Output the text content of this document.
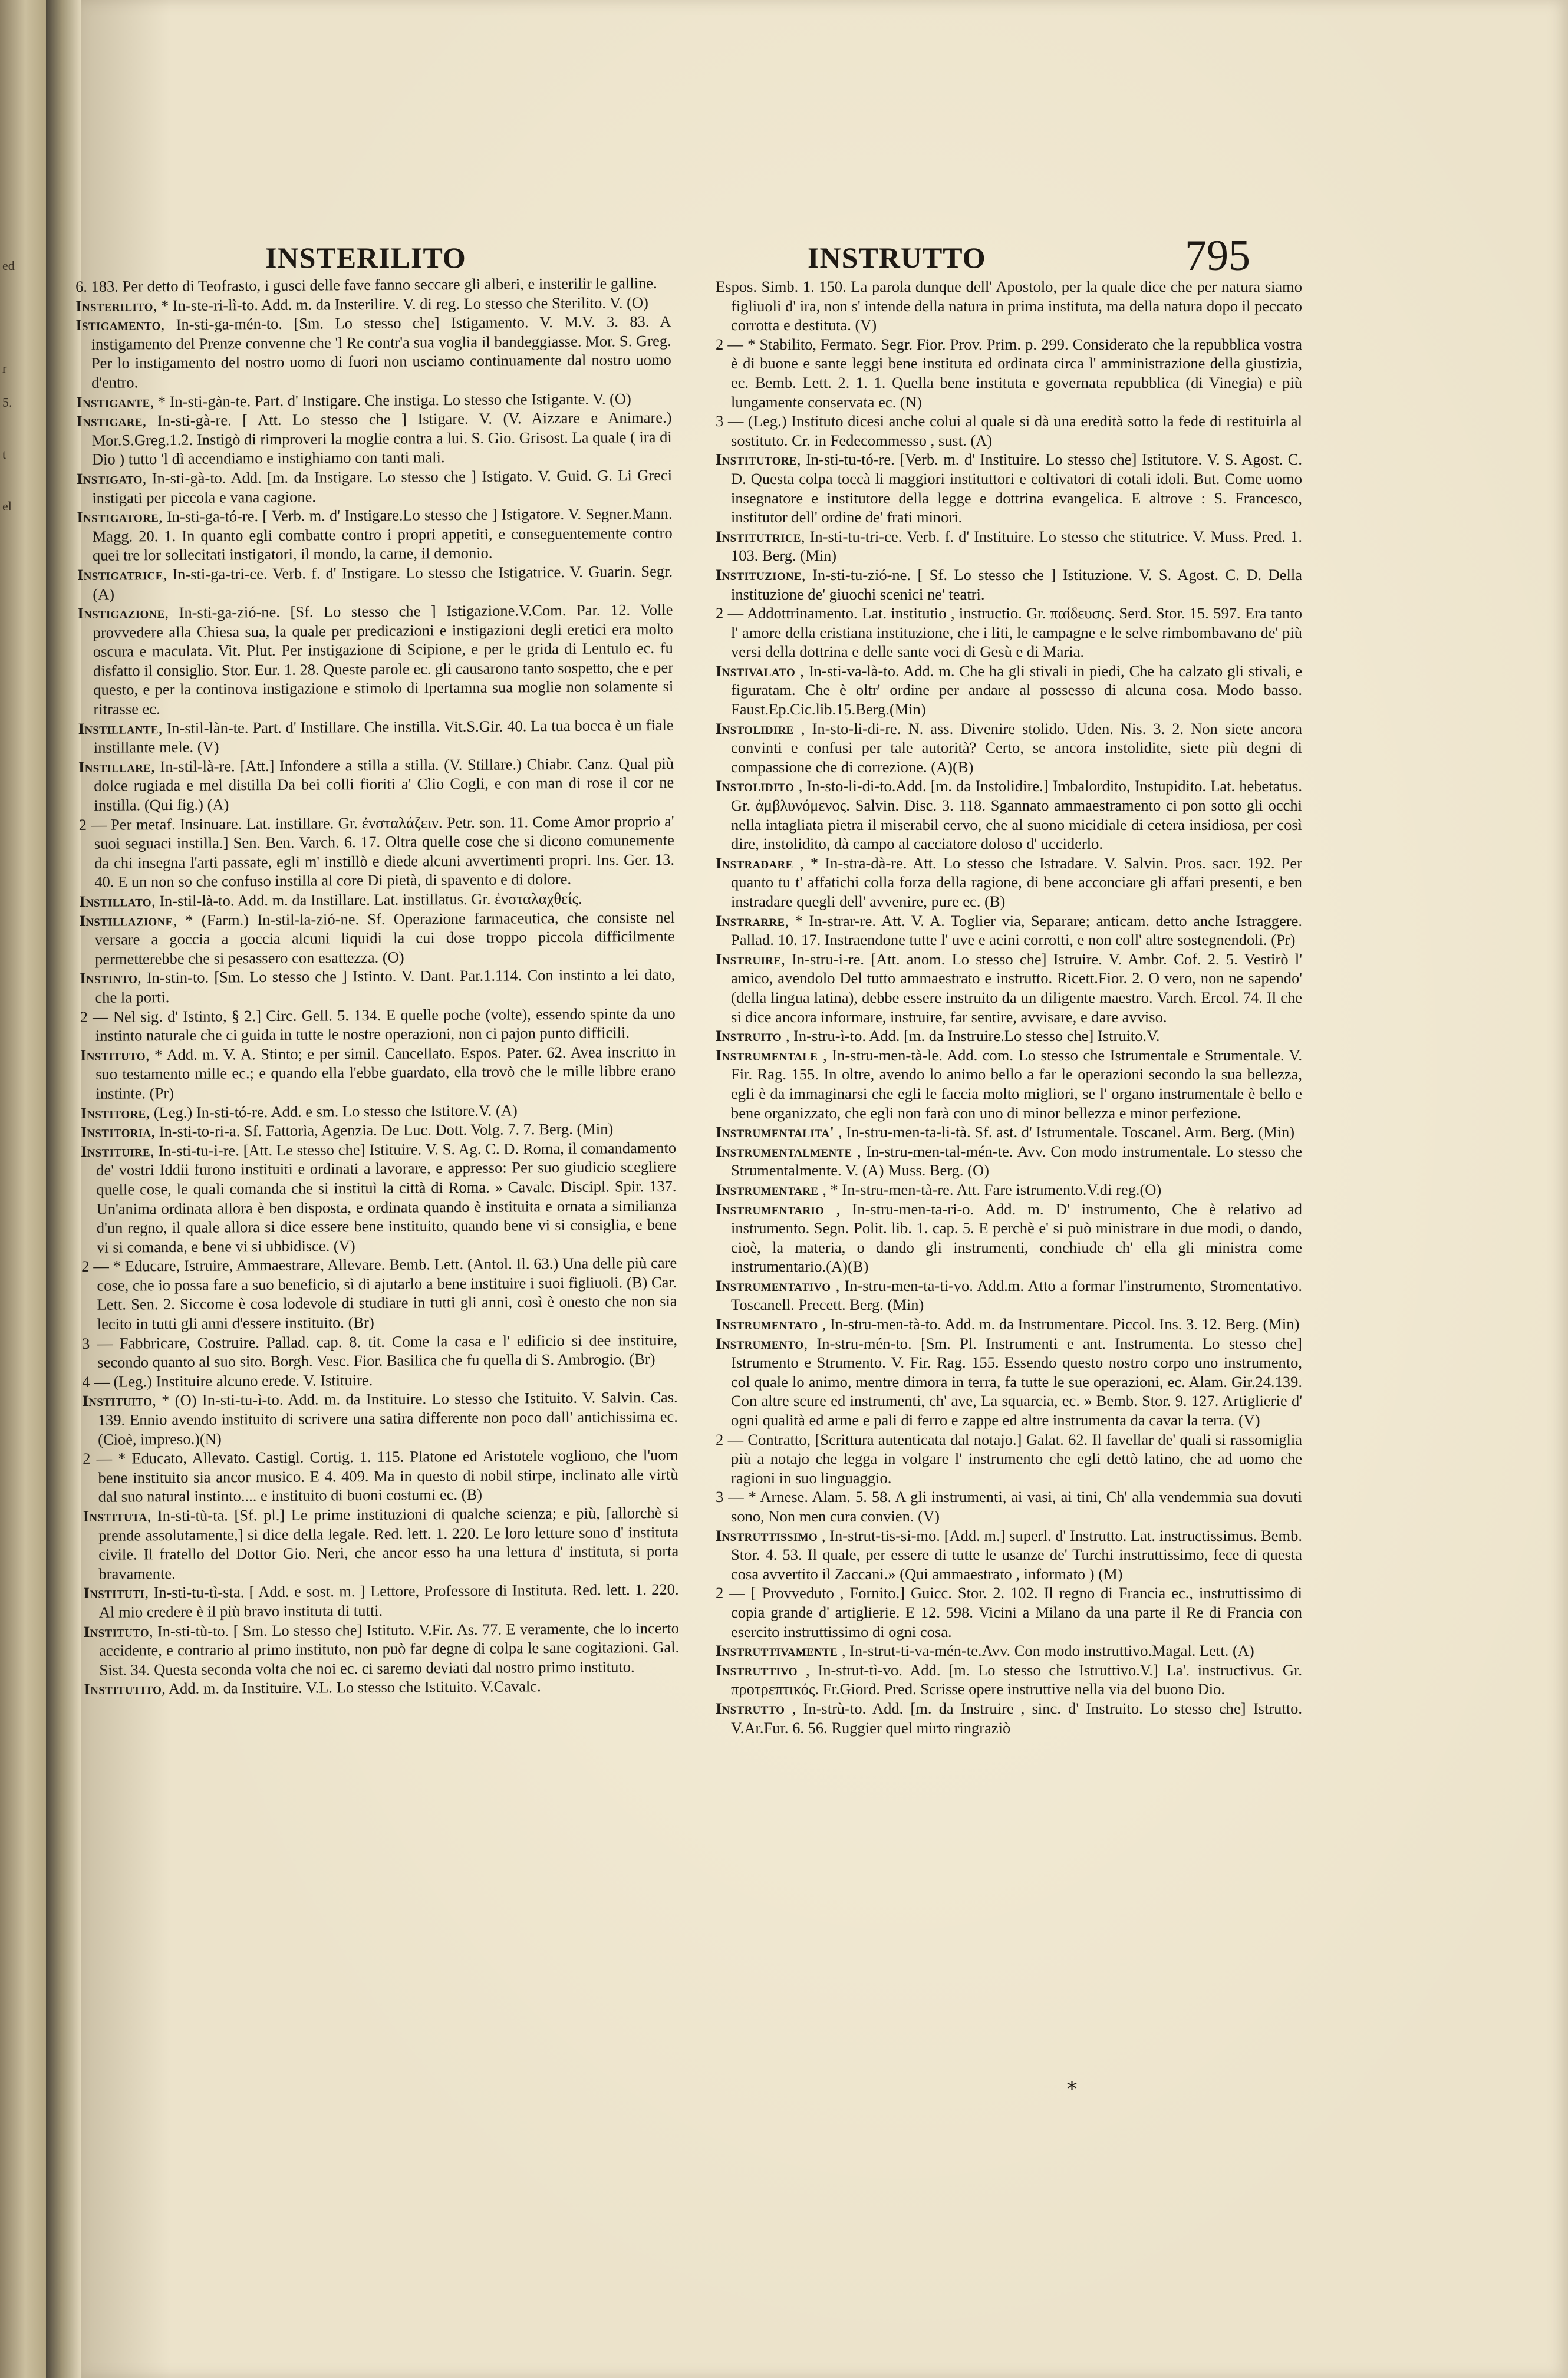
ed
r
5.
t
el
INSTERILITO	INSTRUTTO	795

6. 183. Per detto di Teofrasto, i gusci delle fave fanno seccare gli alberi, e insterilir le galline.

Insterilito, * In-ste-ri-lì-to. Add. m. da Insterilire. V. di reg. Lo stesso che Sterilito. V. (O)

Istigamento, In-sti-ga-mén-to. [Sm. Lo stesso che] Istigamento. V. M.V. 3. 83. A instigamento del Prenze convenne che 'l Re contr'a sua voglia il bandeggiasse. Mor. S. Greg. Per lo instigamento del nostro uomo di fuori non usciamo continuamente dal nostro uomo d'entro.

Instigante, * In-sti-gàn-te. Part. d' Instigare. Che instiga. Lo stesso che Istigante. V. (O)

Instigare, In-sti-gà-re. [ Att. Lo stesso che ] Istigare. V. (V. Aizzare e Animare.) Mor.S.Greg.1.2. Instigò di rimproveri la moglie contra a lui. S. Gio. Grisost. La quale ( ira di Dio ) tutto 'l dì accendiamo e instighiamo con tanti mali.

Instigato, In-sti-gà-to. Add. [m. da Instigare. Lo stesso che ] Istigato. V. Guid. G. Li Greci instigati per piccola e vana cagione.

Instigatore, In-sti-ga-tó-re. [ Verb. m. d' Instigare.Lo stesso che ] Istigatore. V. Segner.Mann. Magg. 20. 1. In quanto egli combatte contro i propri appetiti, e conseguentemente contro quei tre lor sollecitati instigatori, il mondo, la carne, il demonio.

Instigatrice, In-sti-ga-tri-ce. Verb. f. d' Instigare. Lo stesso che Istigatrice. V. Guarin. Segr. (A)

Instigazione, In-sti-ga-zió-ne. [Sf. Lo stesso che ] Istigazione.V.Com. Par. 12. Volle provvedere alla Chiesa sua, la quale per predicazioni e instigazioni degli eretici era molto oscura e maculata. Vit. Plut. Per instigazione di Scipione, e per le grida di Lentulo ec. fu disfatto il consiglio. Stor. Eur. 1. 28. Queste parole ec. gli causarono tanto sospetto, che e per questo, e per la continova instigazione e stimolo di Ipertamna sua moglie non solamente si ritrasse ec.

Instillante, In-stil-làn-te. Part. d' Instillare. Che instilla. Vit.S.Gir. 40. La tua bocca è un fiale instillante mele. (V)

Instillare, In-stil-là-re. [Att.] Infondere a stilla a stilla. (V. Stillare.) Chiabr. Canz. Qual più dolce rugiada e mel distilla Da bei colli fioriti a' Clio Cogli, e con man di rose il cor ne instilla. (Qui fig.) (A)

2 — Per metaf. Insinuare. Lat. instillare. Gr. ἐνσταλάζειν. Petr. son. 11. Come Amor proprio a' suoi seguaci instilla.] Sen. Ben. Varch. 6. 17. Oltra quelle cose che si dicono comunemente da chi insegna l'arti passate, egli m' instillò e diede alcuni avvertimenti propri. Ins. Ger. 13. 40. E un non so che confuso instilla al core Di pietà, di spavento e di dolore.

Instillato, In-stil-là-to. Add. m. da Instillare. Lat. instillatus. Gr. ἐνσταλαχθείς.

Instillazione, * (Farm.) In-stil-la-zió-ne. Sf. Operazione farmaceutica, che consiste nel versare a goccia a goccia alcuni liquidi la cui dose troppo piccola difficilmente permetterebbe che si pesassero con esattezza. (O)

Instinto, In-stin-to. [Sm. Lo stesso che ] Istinto. V. Dant. Par.1.114. Con instinto a lei dato, che la porti.

2 — Nel sig. d' Istinto, § 2.] Circ. Gell. 5. 134. E quelle poche (volte), essendo spinte da uno instinto naturale che ci guida in tutte le nostre operazioni, non ci pajon punto difficili.

Instituto, * Add. m. V. A. Stinto; e per simil. Cancellato. Espos. Pater. 62. Avea inscritto in suo testamento mille ec.; e quando ella l'ebbe guardato, ella trovò che le mille libbre erano instinte. (Pr)

Institore, (Leg.) In-sti-tó-re. Add. e sm. Lo stesso che Istitore.V. (A)

Institoria, In-sti-to-ri-a. Sf. Fattorìa, Agenzia. De Luc. Dott. Volg. 7. 7. Berg. (Min)

Instituire, In-sti-tu-i-re. [Att. Le stesso che] Istituire. V. S. Ag. C. D. Roma, il comandamento de' vostri Iddii furono instituiti e ordinati a lavorare, e appresso: Per suo giudicio scegliere quelle cose, le quali comanda che si instituì la città di Roma. » Cavalc. Discipl. Spir. 137. Un'anima ordinata allora è ben disposta, e ordinata quando è instituita e ornata a similianza d'un regno, il quale allora si dice essere bene instituito, quando bene vi si consiglia, e bene vi si comanda, e bene vi si ubbidisce. (V)

2 — * Educare, Istruire, Ammaestrare, Allevare. Bemb. Lett. (Antol. Il. 63.) Una delle più care cose, che io possa fare a suo beneficio, sì di ajutarlo a bene instituire i suoi figliuoli. (B) Car. Lett. Sen. 2. Siccome è cosa lodevole di studiare in tutti gli anni, così è onesto che non sia lecito in tutti gli anni d'essere instituito. (Br)

3 — Fabbricare, Costruire. Pallad. cap. 8. tit. Come la casa e l' edificio si dee instituire, secondo quanto al suo sito. Borgh. Vesc. Fior. Basilica che fu quella di S. Ambrogio. (Br)

4 — (Leg.) Instituire alcuno erede. V. Istituire.

Instituito, * (O) In-sti-tu-ì-to. Add. m. da Instituire. Lo stesso che Istituito. V. Salvin. Cas. 139. Ennio avendo instituito di scrivere una satira differente non poco dall' antichissima ec.(Cioè, impreso.)(N)

2 — * Educato, Allevato. Castigl. Cortig. 1. 115. Platone ed Aristotele vogliono, che l'uom bene instituito sia ancor musico. E 4. 409. Ma in questo di nobil stirpe, inclinato alle virtù dal suo natural instinto.... e instituito di buoni costumi ec. (B)

Instituta, In-sti-tù-ta. [Sf. pl.] Le prime instituzioni di qualche scienza; e più, [allorchè si prende assolutamente,] si dice della legale. Red. lett. 1. 220. Le loro letture sono d' instituta civile. Il fratello del Dottor Gio. Neri, che ancor esso ha una lettura d' instituta, si porta bravamente.

Instituti, In-sti-tu-tì-sta. [ Add. e sost. m. ] Lettore, Professore di Instituta. Red. lett. 1. 220. Al mio credere è il più bravo instituta di tutti.

Instituto, In-sti-tù-to. [ Sm. Lo stesso che] Istituto. V.Fir. As. 77. E veramente, che lo incerto accidente, e contrario al primo instituto, non può far degne di colpa le sane cogitazioni. Gal. Sist. 34. Questa seconda volta che noi ec. ci saremo deviati dal nostro primo instituto.

Institutito, Add. m. da Instituire. V.L. Lo stesso che Istituito. V.Cavalc.

Espos. Simb. 1. 150. La parola dunque dell' Apostolo, per la quale dice che per natura siamo figliuoli d' ira, non s' intende della natura in prima instituta, ma della natura dopo il peccato corrotta e destituta. (V)

2 — * Stabilito, Fermato. Segr. Fior. Prov. Prim. p. 299. Considerato che la repubblica vostra è di buone e sante leggi bene instituta ed ordinata circa l' amministrazione della giustizia, ec. Bemb. Lett. 2. 1. 1. Quella bene instituta e governata repubblica (di Vinegia) e più lungamente conservata ec. (N)

3 — (Leg.) Instituto dicesi anche colui al quale si dà una eredità sotto la fede di restituirla al sostituto. Cr. in Fedecommesso , sust. (A)

Institutore, In-sti-tu-tó-re. [Verb. m. d' Instituire. Lo stesso che] Istitutore. V. S. Agost. C. D. Questa colpa toccà li maggiori instituttori e coltivatori di cotali idoli. But. Come uomo insegnatore e institutore della legge e dottrina evangelica. E altrove : S. Francesco, institutor dell' ordine de' frati minori.

Institutrice, In-sti-tu-tri-ce. Verb. f. d' Instituire. Lo stesso che stitutrice. V. Muss. Pred. 1. 103. Berg. (Min)

Instituzione, In-sti-tu-zió-ne. [ Sf. Lo stesso che ] Istituzione. V. S. Agost. C. D. Della instituzione de' giuochi scenici ne' teatri.

2 — Addottrinamento. Lat. institutio , instructio. Gr. παίδευσις. Serd. Stor. 15. 597. Era tanto l' amore della cristiana instituzione, che i liti, le campagne e le selve rimbombavano de' più versi della dottrina e delle sante voci di Gesù e di Maria.

Instivalato , In-sti-va-là-to. Add. m. Che ha gli stivali in piedi, Che ha calzato gli stivali, e figuratam. Che è oltr' ordine per andare al possesso di alcuna cosa. Modo basso. Faust.Ep.Cic.lib.15.Berg.(Min)

Instolidire , In-sto-li-di-re. N. ass. Divenire stolido. Uden. Nis. 3. 2. Non siete ancora convinti e confusi per tale autorità? Certo, se ancora instolidite, siete più degni di compassione che di correzione. (A)(B)

Instolidito , In-sto-li-di-to.Add. [m. da Instolidire.] Imbalordito, Instupidito. Lat. hebetatus. Gr. ἀμβλυνόμενος. Salvin. Disc. 3. 118. Sgannato ammaestramento ci pon sotto gli occhi nella intagliata pietra il miserabil cervo, che al suono micidiale di cetera insidiosa, per così dire, instolidito, dà campo al cacciatore doloso d' ucciderlo.

Instradare , * In-stra-dà-re. Att. Lo stesso che Istradare. V. Salvin. Pros. sacr. 192. Per quanto tu t' affatichi colla forza della ragione, di bene acconciare gli affari presenti, e ben instradare quegli dell' avvenire, pure ec. (B)

Instrarre, * In-strar-re. Att. V. A. Toglier via, Separare; anticam. detto anche Istraggere. Pallad. 10. 17. Instraendone tutte l' uve e acini corrotti, e non coll' altre sostegnendoli. (Pr)

Instruire, In-stru-i-re. [Att. anom. Lo stesso che] Istruire. V. Ambr. Cof. 2. 5. Vestirò l' amico, avendolo Del tutto ammaestrato e instrutto. Ricett.Fior. 2. O vero, non ne sapendo' (della lingua latina), debbe essere instruito da un diligente maestro. Varch. Ercol. 74. Il che si dice ancora informare, instruire, far sentire, avvisare, e dare avviso.

Instruito , In-stru-ì-to. Add. [m. da Instruire.Lo stesso che] Istruito.V.

Instrumentale , In-stru-men-tà-le. Add. com. Lo stesso che Istrumentale e Strumentale. V. Fir. Rag. 155. In oltre, avendo lo animo bello a far le operazioni secondo la sua bellezza, egli è da immaginarsi che egli le faccia molto migliori, se l' organo instrumentale è bello e bene organizzato, che egli non farà con uno di minor bellezza e minor perfezione.

Instrumentalita' , In-stru-men-ta-li-tà. Sf. ast. d' Istrumentale. Toscanel. Arm. Berg. (Min)

Instrumentalmente , In-stru-men-tal-mén-te. Avv. Con modo instrumentale. Lo stesso che Strumentalmente. V. (A) Muss. Berg. (O)

Instrumentare , * In-stru-men-tà-re. Att. Fare istrumento.V.di reg.(O)

Instrumentario , In-stru-men-ta-ri-o. Add. m. D' instrumento, Che è relativo ad instrumento. Segn. Polit. lib. 1. cap. 5. E perchè e' si può ministrare in due modi, o dando, cioè, la materia, o dando gli instrumenti, conchiude ch' ella gli ministra come instrumentario.(A)(B)

Instrumentativo , In-stru-men-ta-ti-vo. Add.m. Atto a formar l'instrumento, Stromentativo. Toscanell. Precett. Berg. (Min)

Instrumentato , In-stru-men-tà-to. Add. m. da Instrumentare. Piccol. Ins. 3. 12. Berg. (Min)

Instrumento, In-stru-mén-to. [Sm. Pl. Instrumenti e ant. Instrumenta. Lo stesso che] Istrumento e Strumento. V. Fir. Rag. 155. Essendo questo nostro corpo uno instrumento, col quale lo animo, mentre dimora in terra, fa tutte le sue operazioni, ec. Alam. Gir.24.139. Con altre scure ed instrumenti, ch' ave, La squarcia, ec. » Bemb. Stor. 9. 127. Artiglierie d' ogni qualità ed arme e pali di ferro e zappe ed altre instrumenta da cavar la terra. (V)

2 — Contratto, [Scrittura autenticata dal notajo.] Galat. 62. Il favellar de' quali si rassomiglia più a notajo che legga in volgare l' instrumento che egli dettò latino, che ad uomo che ragioni in suo linguaggio.

3 — * Arnese. Alam. 5. 58. A gli instrumenti, ai vasi, ai tini, Ch' alla vendemmia sua dovuti sono, Non men cura convien. (V)

Instruttissimo , In-strut-tis-si-mo. [Add. m.] superl. d' Instrutto. Lat. instructissimus. Bemb. Stor. 4. 53. Il quale, per essere di tutte le usanze de' Turchi instruttissimo, fece di questa cosa avvertito il Zaccani.» (Qui ammaestrato , informato ) (M)

2 — [ Provveduto , Fornito.] Guicc. Stor. 2. 102. Il regno di Francia ec., instruttissimo di copia grande d' artiglierie. E 12. 598. Vicini a Milano da una parte il Re di Francia con esercito instruttissimo di ogni cosa.

Instruttivamente , In-strut-ti-va-mén-te.Avv. Con modo instruttivo.Magal. Lett. (A)

Instruttivo , In-strut-tì-vo. Add. [m. Lo stesso che Istruttivo.V.] La'. instructivus. Gr. προτρεπτικός. Fr.Giord. Pred. Scrisse opere instruttive nella via del buono Dio.

Instrutto , In-strù-to. Add. [m. da Instruire , sinc. d' Instruito. Lo stesso che] Istrutto. V.Ar.Fur. 6. 56. Ruggier quel mirto ringraziò

*
